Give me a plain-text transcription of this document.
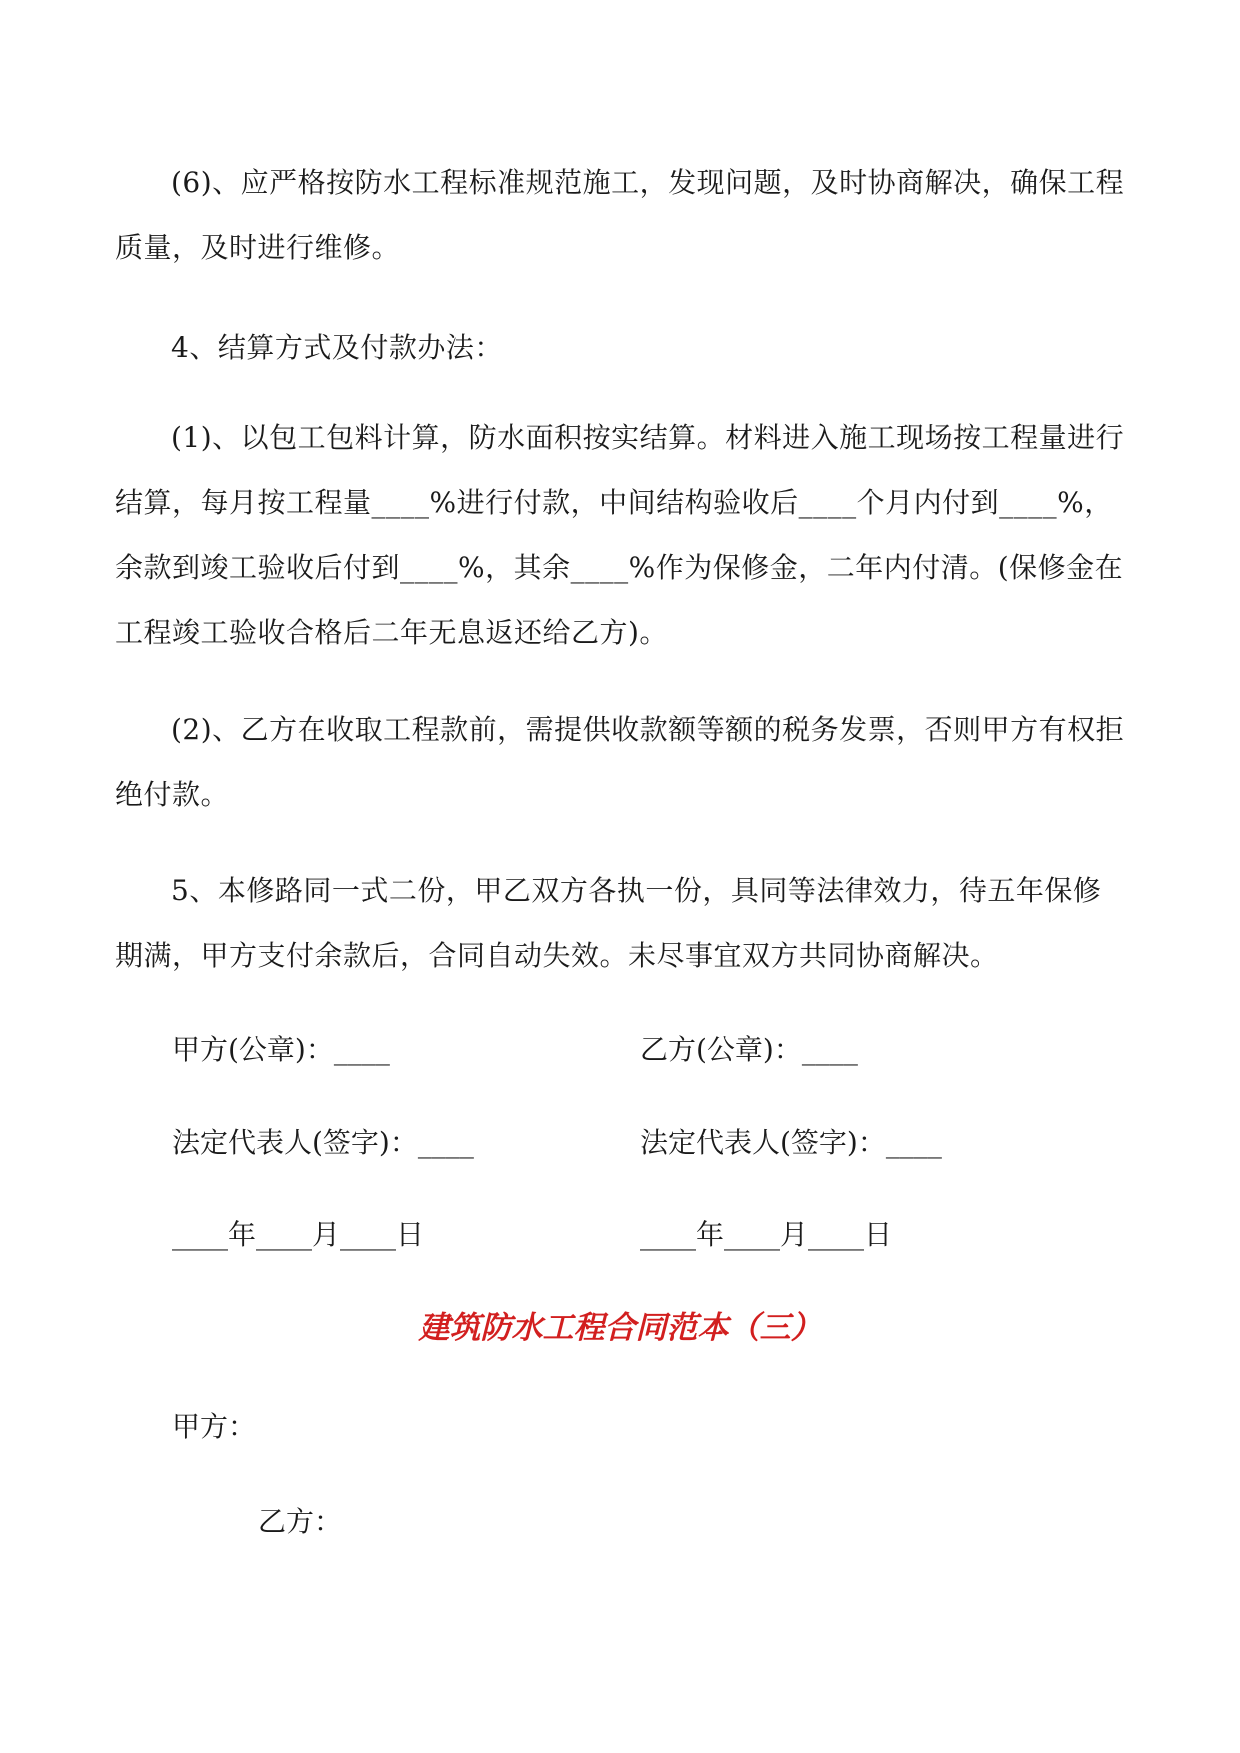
(6)、应严格按防水工程标准规范施工，发现问题，及时协商解决，确保工程质量，及时进行维修。

4、结算方式及付款办法：

(1)、以包工包料计算，防水面积按实结算。材料进入施工现场按工程量进行结算，每月按工程量____%进行付款，中间结构验收后____个月内付到____%，余款到竣工验收后付到____%，其余____%作为保修金，二年内付清。(保修金在工程竣工验收合格后二年无息返还给乙方)。

(2)、乙方在收取工程款前，需提供收款额等额的税务发票，否则甲方有权拒绝付款。

5、本修路同一式二份，甲乙双方各执一份，具同等法律效力，待五年保修期满，甲方支付余款后，合同自动失效。未尽事宜双方共同协商解决。

甲方(公章)：____	乙方(公章)：____

法定代表人(签字)：____	法定代表人(签字)：____

____年____月____日	____年____月____日

建筑防水工程合同范本（三）

甲方：

乙方：
